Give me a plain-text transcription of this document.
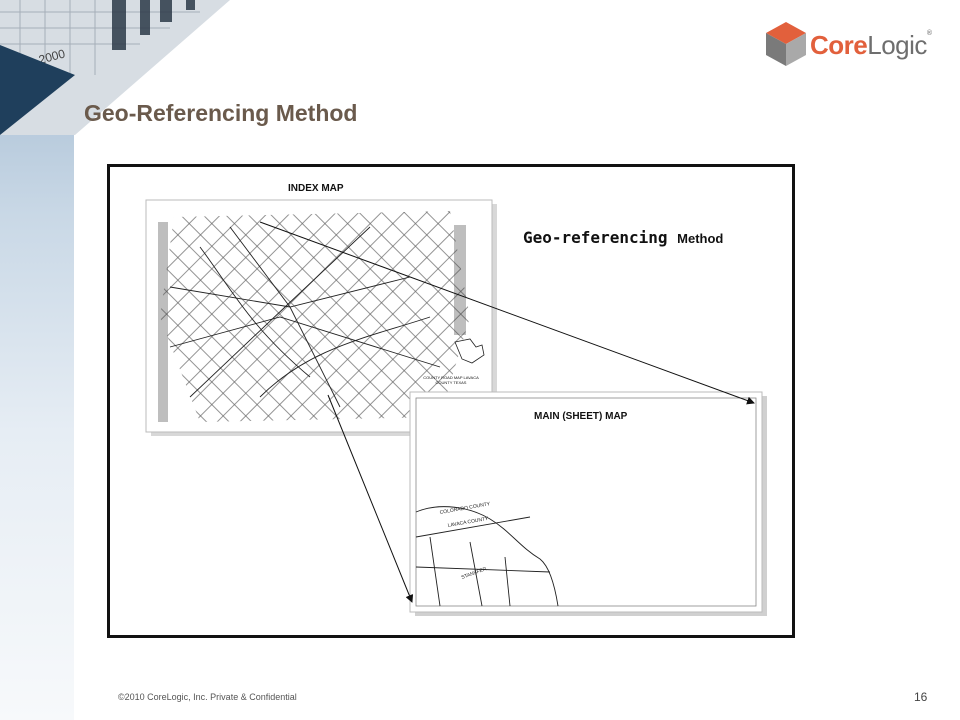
2000	CoreLogic®
Geo-Referencing Method
COLORADO COUNTY
LAVACA COUNTY
STANSFER
INDEX MAP
MAIN (SHEET) MAP
Geo-referencing Method
COUNTY ROAD MAP LAVACA COUNTY TEXAS
©2010 CoreLogic, Inc. Private & Confidential	16
